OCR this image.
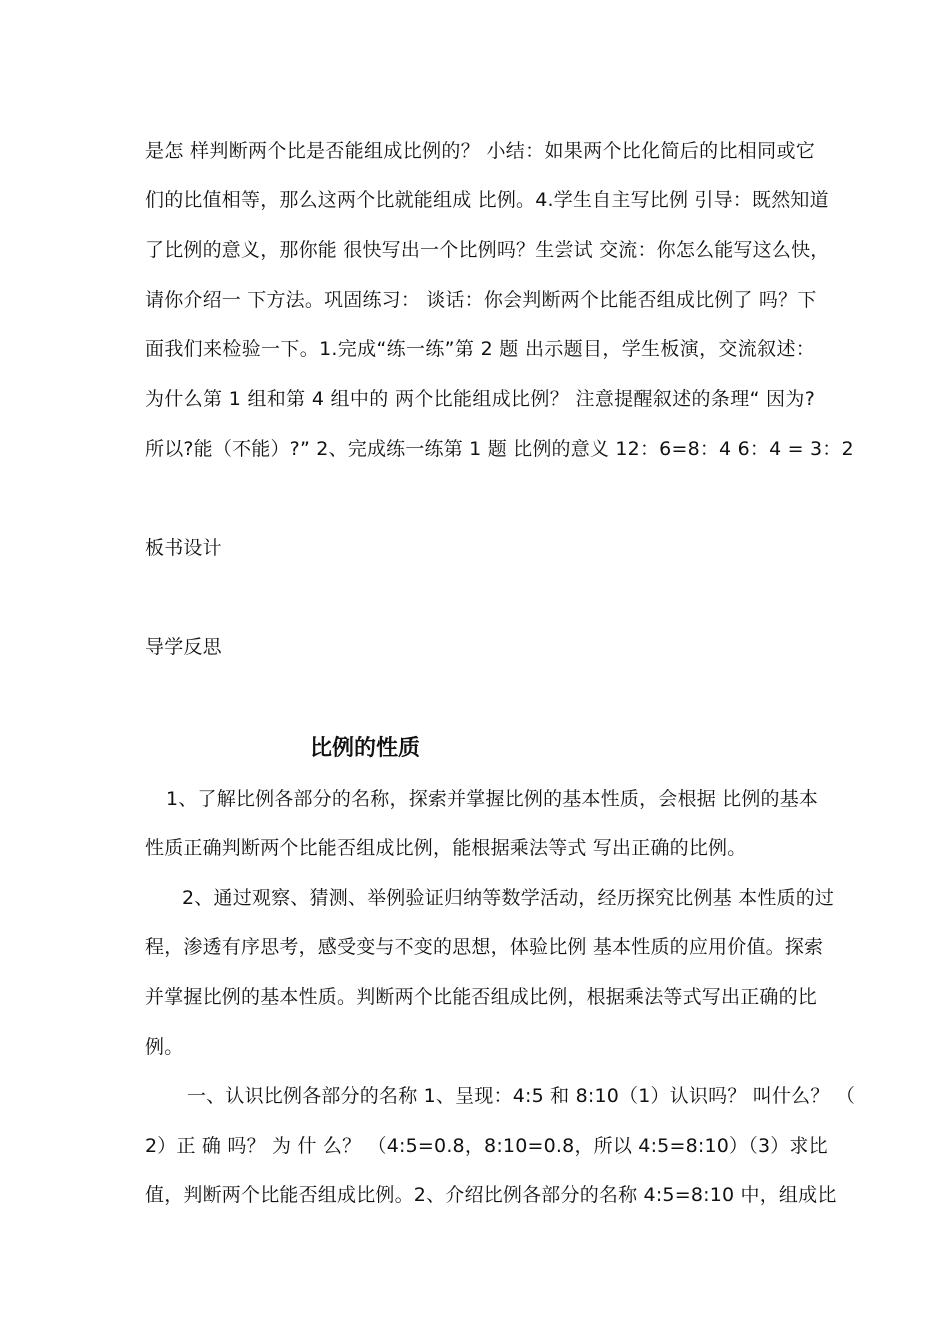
是怎 样判断两个比是否能组成比例的？ 小结：如果两个比化简后的比相同或它
们的比值相等，那么这两个比就能组成 比例。4.学生自主写比例 引导：既然知道
了比例的意义，那你能 很快写出一个比例吗？生尝试 交流：你怎么能写这么快，
请你介绍一 下方法。巩固练习： 谈话：你会判断两个比能否组成比例了 吗？下
面我们来检验一下。1.完成“练一练”第 2 题 出示题目，学生板演，交流叙述：
为什么第 1 组和第 4 组中的 两个比能组成比例？ 注意提醒叙述的条理“ 因为?
所以?能（不能）?” 2、完成练一练第 1 题 比例的意义 12：6=8：4 6：4 = 3：2
板书设计
导学反思
比例的性质
1、了解比例各部分的名称，探索并掌握比例的基本性质，会根据 比例的基本
性质正确判断两个比能否组成比例，能根据乘法等式 写出正确的比例。
2、通过观察、猜测、举例验证归纳等数学活动，经历探究比例基 本性质的过
程，渗透有序思考，感受变与不变的思想，体验比例 基本性质的应用价值。探索
并掌握比例的基本性质。判断两个比能否组成比例，根据乘法等式写出正确的比
例。
一、认识比例各部分的名称 1、呈现：4:5 和 8:10（1）认识吗？ 叫什么？ （
2）正 确 吗？ 为 什 么？ （4:5=0.8，8:10=0.8，所以 4:5=8:10）（3）求比
值，判断两个比能否组成比例。2、介绍比例各部分的名称 4:5=8:10 中，组成比
